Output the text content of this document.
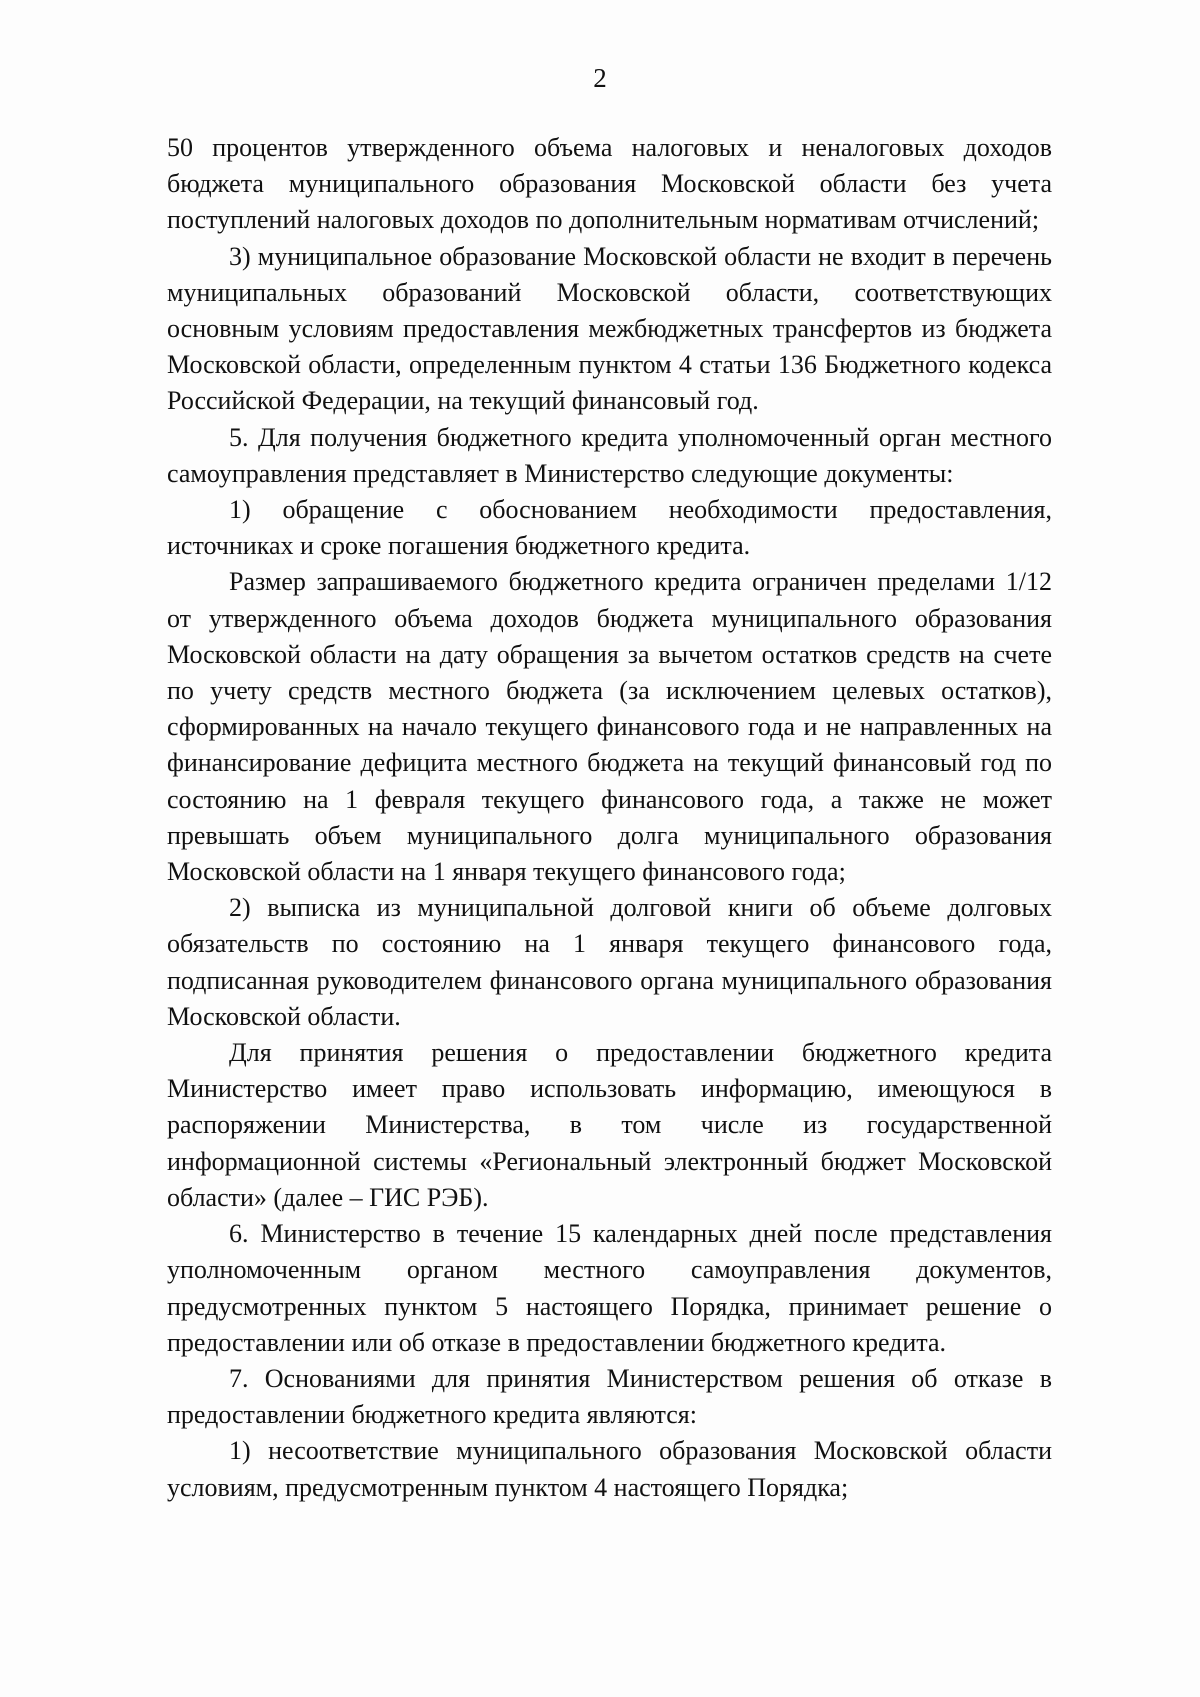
2

50 процентов утвержденного объема налоговых и неналоговых доходов бюджета муниципального образования Московской области без учета поступлений налоговых доходов по дополнительным нормативам отчислений;

3) муниципальное образование Московской области не входит в перечень муниципальных образований Московской области, соответствующих основным условиям предоставления межбюджетных трансфертов из бюджета Московской области, определенным пунктом 4 статьи 136 Бюджетного кодекса Российской Федерации, на текущий финансовый год.

5. Для получения бюджетного кредита уполномоченный орган местного самоуправления представляет в Министерство следующие документы:

1) обращение с обоснованием необходимости предоставления, источниках и сроке погашения бюджетного кредита.

Размер запрашиваемого бюджетного кредита ограничен пределами 1/12 от утвержденного объема доходов бюджета муниципального образования Московской области на дату обращения за вычетом остатков средств на счете по учету средств местного бюджета (за исключением целевых остатков), сформированных на начало текущего финансового года и не направленных на финансирование дефицита местного бюджета на текущий финансовый год по состоянию на 1 февраля текущего финансового года, а также не может превышать объем муниципального долга муниципального образования Московской области на 1 января текущего финансового года;

2) выписка из муниципальной долговой книги об объеме долговых обязательств по состоянию на 1 января текущего финансового года, подписанная руководителем финансового органа муниципального образования Московской области.

Для принятия решения о предоставлении бюджетного кредита Министерство имеет право использовать информацию, имеющуюся в распоряжении Министерства, в том числе из государственной информационной системы «Региональный электронный бюджет Московской области» (далее – ГИС РЭБ).

6. Министерство в течение 15 календарных дней после представления уполномоченным органом местного самоуправления документов, предусмотренных пунктом 5 настоящего Порядка, принимает решение о предоставлении или об отказе в предоставлении бюджетного кредита.

7. Основаниями для принятия Министерством решения об отказе в предоставлении бюджетного кредита являются:

1) несоответствие муниципального образования Московской области условиям, предусмотренным пунктом 4 настоящего Порядка;
